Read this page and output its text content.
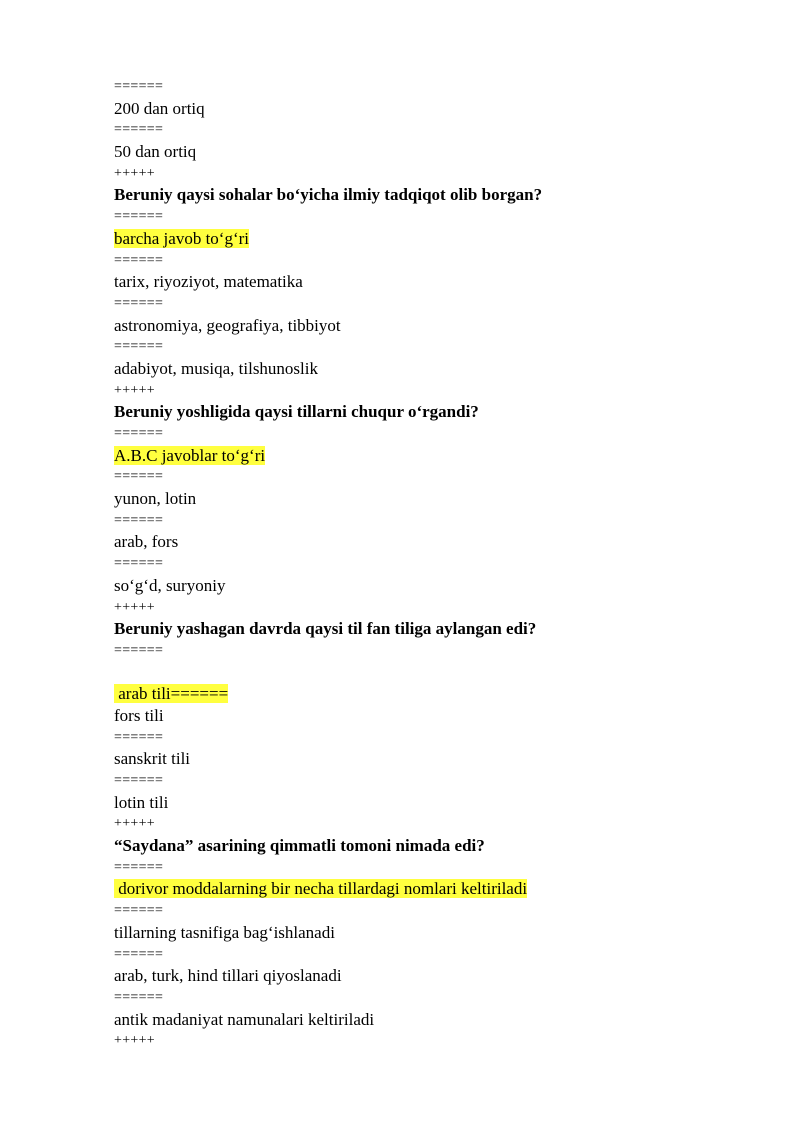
======
200 dan ortiq
======
50 dan ortiq
+++++
Beruniy qaysi sohalar bo‘yicha ilmiy tadqiqot olib borgan?
======
barcha javob to‘g‘ri
======
tarix, riyoziyot, matematika
======
astronomiya, geografiya, tibbiyot
======
adabiyot, musiqa, tilshunoslik
+++++
Beruniy yoshligida qaysi tillarni chuqur o‘rgandi?
======
A.B.C javoblar to‘g‘ri
======
yunon, lotin
======
arab, fors
======
so‘g‘d, suryoniy
+++++
Beruniy yashagan davrda qaysi til fan tiliga aylangan edi?
======
arab tili======
fors tili
======
sanskrit tili
======
lotin tili
+++++
“Saydana” asarining qimmatli tomoni nimada edi?
======
dorivor moddalarning bir necha tillardagi nomlari keltiriladi
======
tillarning tasnifiga bag‘ishlanadi
======
arab, turk, hind tillari qiyoslanadi
======
antik madaniyat namunalari keltiriladi
+++++
